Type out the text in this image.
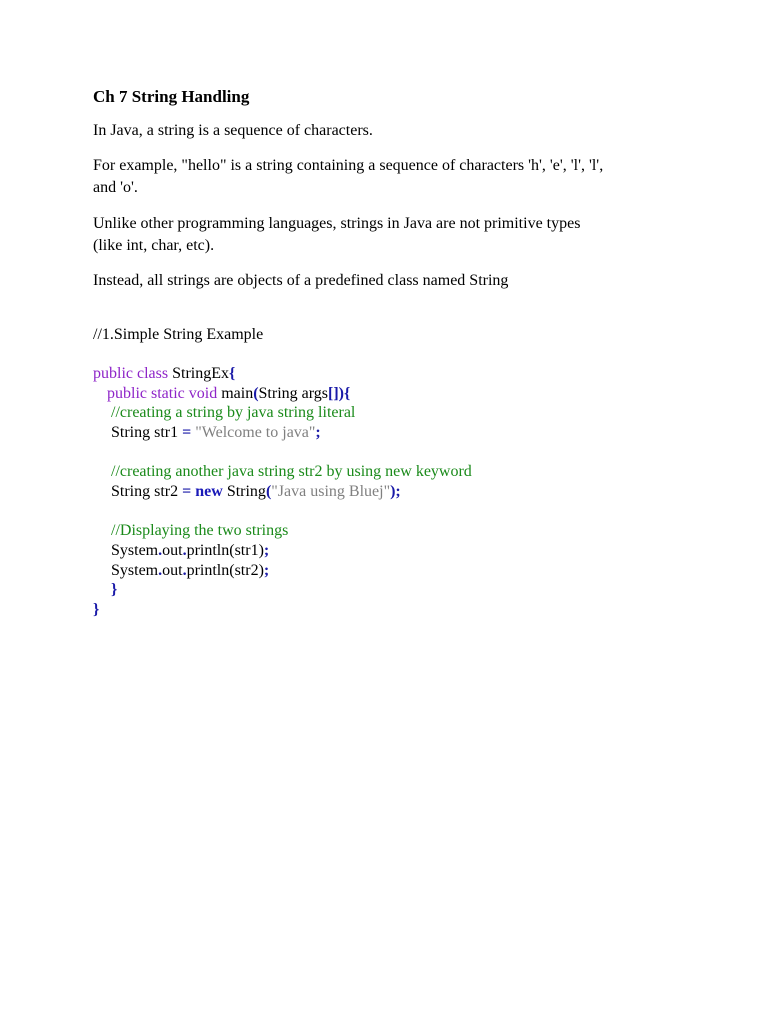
Ch 7 String Handling
In Java, a string is a sequence of characters.
For example, "hello" is a string containing a sequence of characters 'h', 'e', 'l', 'l',
and 'o'.
Unlike other programming languages, strings in Java are not primitive types
(like int, char, etc).
Instead, all strings are objects of a predefined class named String
//1.Simple String Example
public class StringEx{
public static void main(String args[]){
//creating a string by java string literal
String str1 = "Welcome to java";
//creating another java string str2 by using new keyword
String str2 = new String("Java using Bluej");
//Displaying the two strings
System.out.println(str1);
System.out.println(str2);
}
}
